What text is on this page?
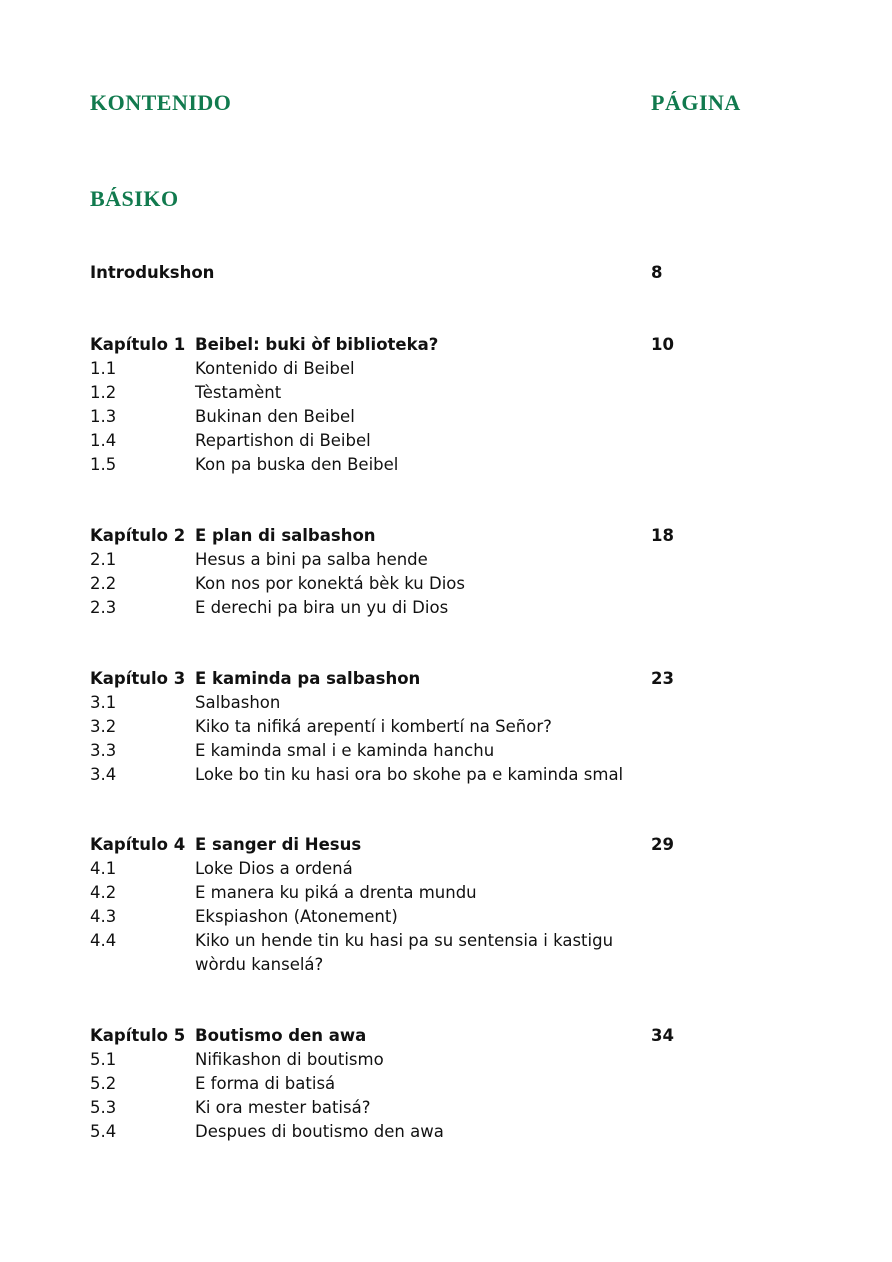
KONTENIDO	PÁGINA
BÁSIKO
Introdukshon	8
Kapítulo 1 Beibel: buki òf biblioteka?	10
1.1	Kontenido di Beibel
1.2	Tèstamènt
1.3	Bukinan den Beibel
1.4	Repartishon di Beibel
1.5	Kon pa buska den Beibel
Kapítulo 2 E plan di salbashon	18
2.1	Hesus a bini pa salba hende
2.2	Kon nos por konektá bèk ku Dios
2.3	E derechi pa bira un yu di Dios
Kapítulo 3 E kaminda pa salbashon	23
3.1	Salbashon
3.2	Kiko ta nifiká arepentí i kombertí na Señor?
3.3	E kaminda smal i e kaminda hanchu
3.4	Loke bo tin ku hasi ora bo skohe pa e kaminda smal
Kapítulo 4 E sanger di Hesus	29
4.1	Loke Dios a ordená
4.2	E manera ku piká a drenta mundu
4.3	Ekspiashon (Atonement)
4.4	Kiko un hende tin ku hasi pa su sentensia i kastigu wòrdu kanselá?
Kapítulo 5 Boutismo den awa	34
5.1	Nifikashon di boutismo
5.2	E forma di batisá
5.3	Ki ora mester batisá?
5.4	Despues di boutismo den awa
